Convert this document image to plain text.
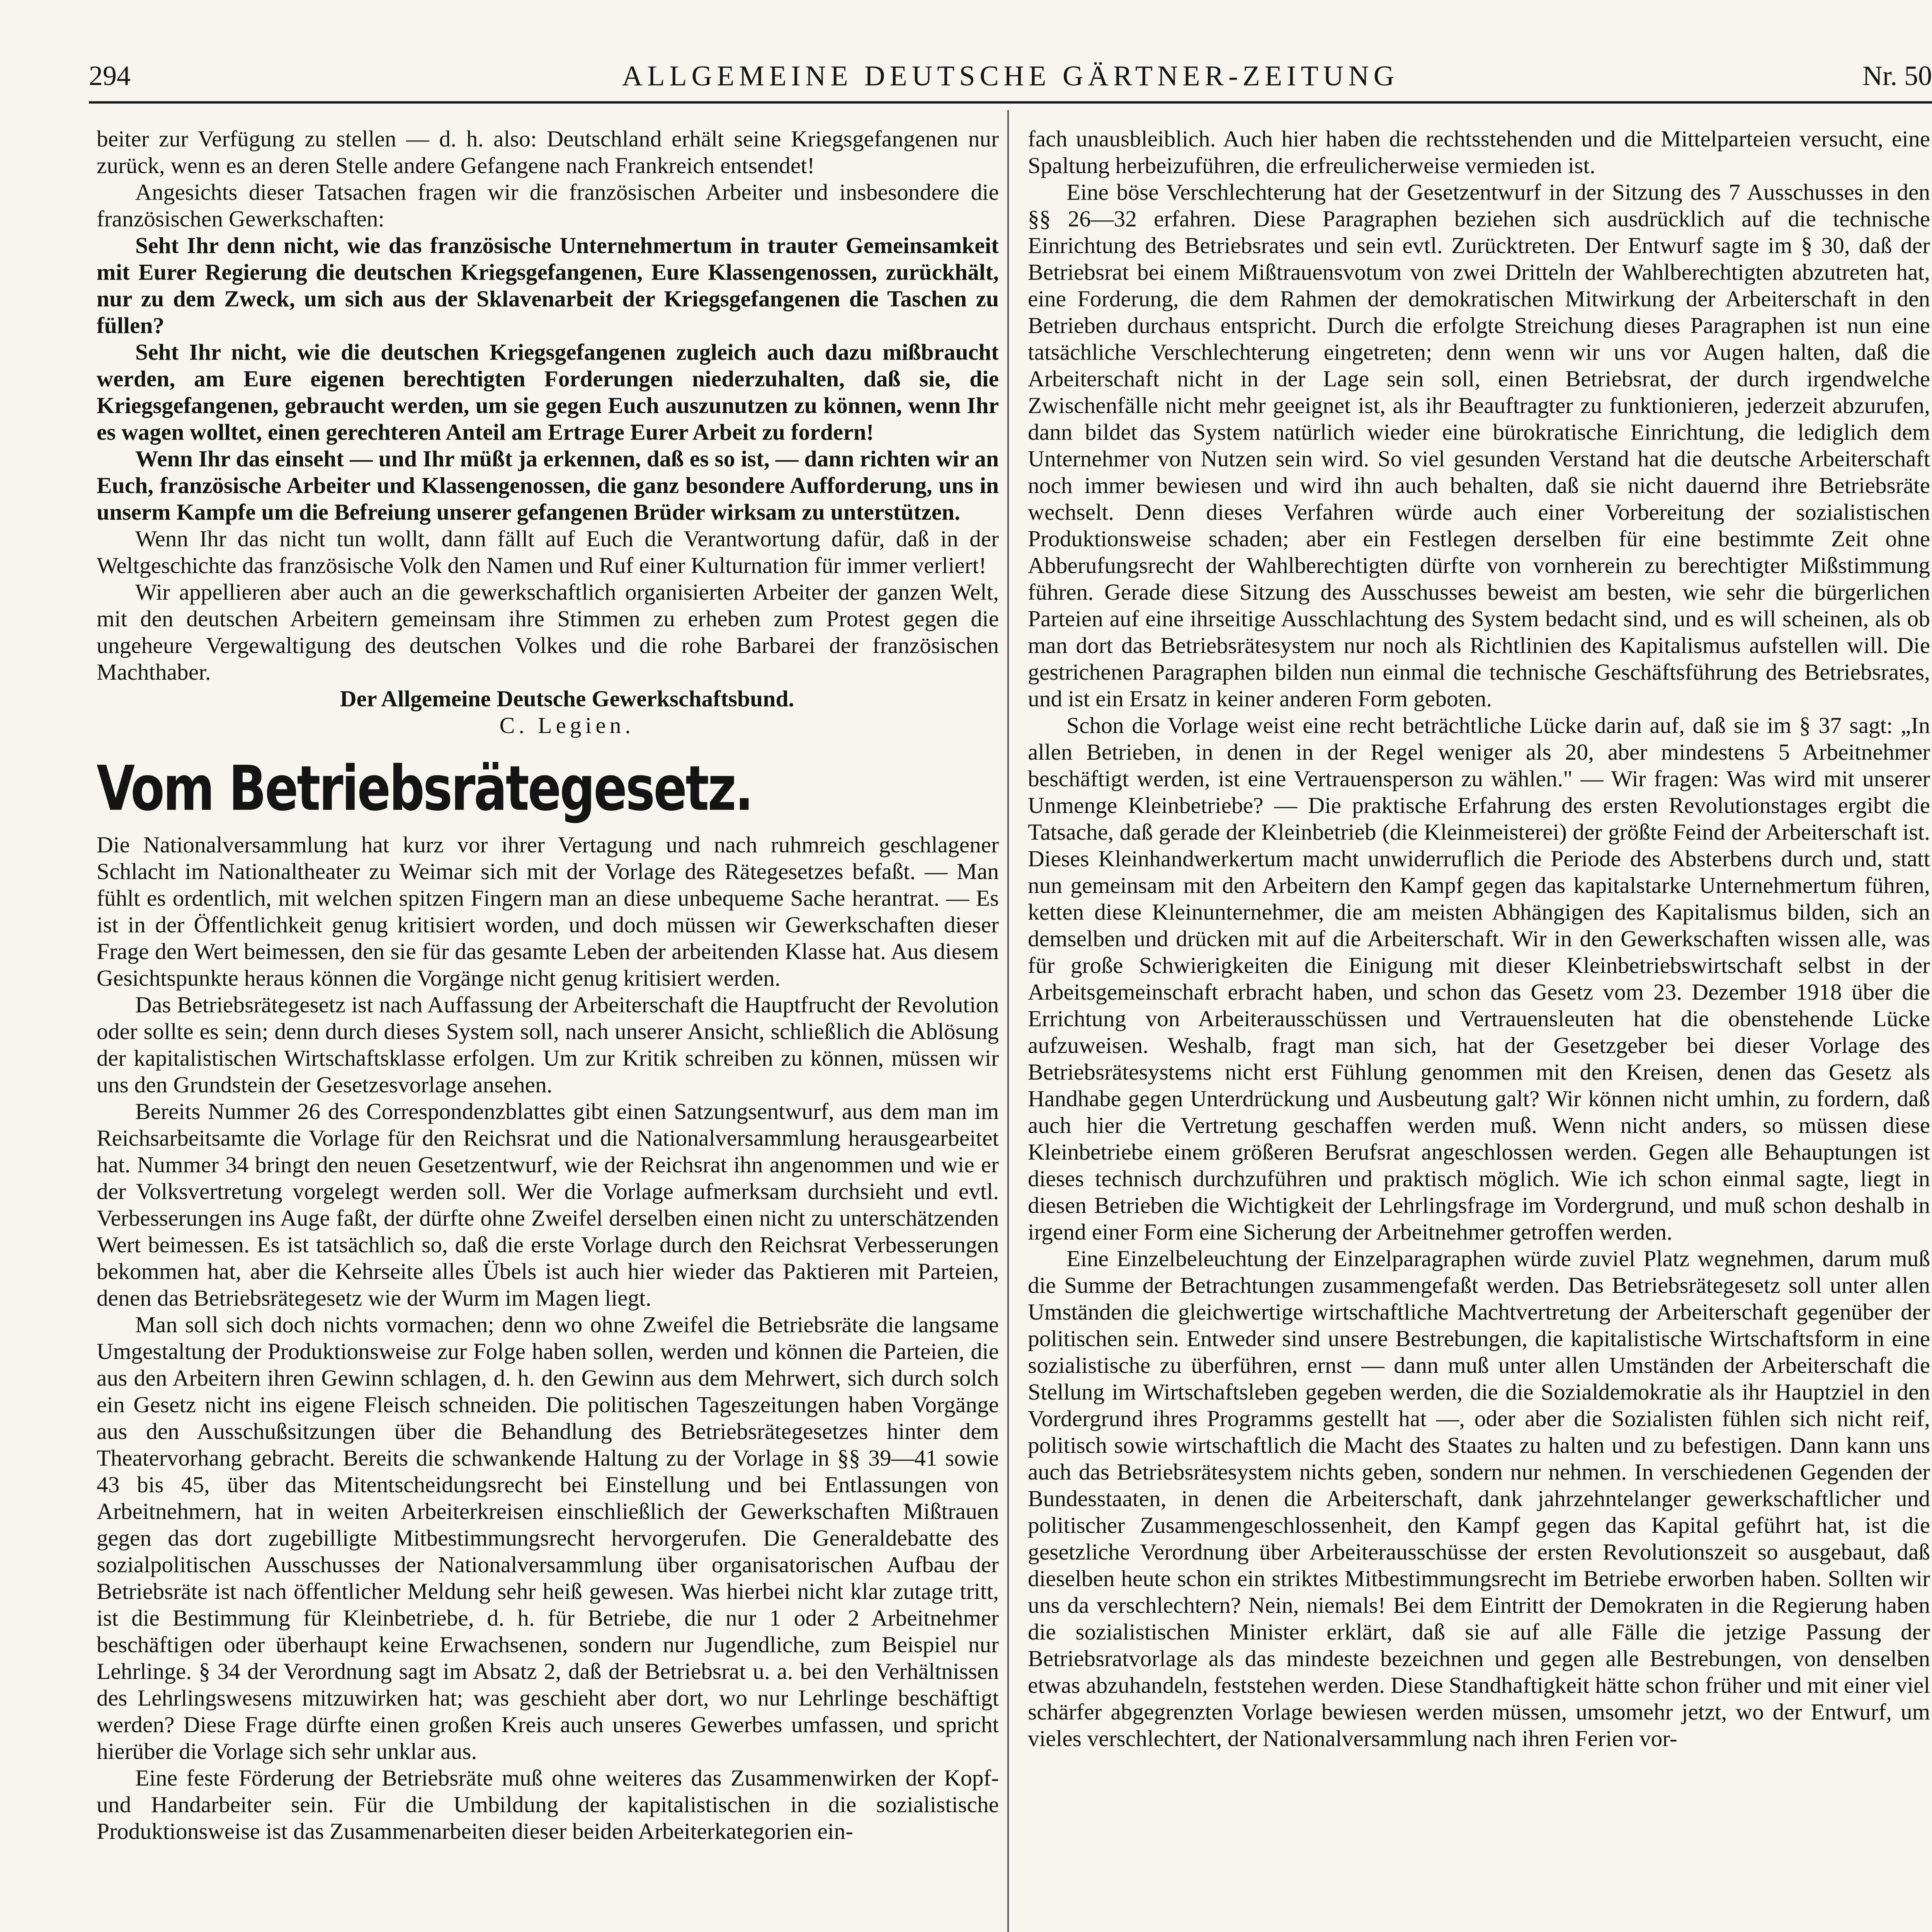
294	ALLGEMEINE DEUTSCHE GÄRTNER-ZEITUNG	Nr. 50

beiter zur Verfügung zu stellen — d. h. also: Deutschland erhält seine Kriegsgefangenen nur zurück, wenn es an deren Stelle andere Gefangene nach Frankreich entsendet!

Angesichts dieser Tatsachen fragen wir die französischen Arbeiter und insbesondere die französischen Gewerkschaften:

Seht Ihr denn nicht, wie das französische Unternehmertum in trauter Gemeinsamkeit mit Eurer Regierung die deutschen Kriegsgefangenen, Eure Klassengenossen, zurückhält, nur zu dem Zweck, um sich aus der Sklavenarbeit der Kriegsgefangenen die Taschen zu füllen?

Seht Ihr nicht, wie die deutschen Kriegsgefangenen zugleich auch dazu mißbraucht werden, am Eure eigenen berechtigten Forderungen niederzuhalten, daß sie, die Kriegsgefangenen, gebraucht werden, um sie gegen Euch auszunutzen zu können, wenn Ihr es wagen wolltet, einen gerechteren Anteil am Ertrage Eurer Arbeit zu fordern!

Wenn Ihr das einseht — und Ihr müßt ja erkennen, daß es so ist, — dann richten wir an Euch, französische Arbeiter und Klassengenossen, die ganz besondere Aufforderung, uns in unserm Kampfe um die Befreiung unserer gefangenen Brüder wirksam zu unterstützen.

Wenn Ihr das nicht tun wollt, dann fällt auf Euch die Verantwortung dafür, daß in der Weltgeschichte das französische Volk den Namen und Ruf einer Kulturnation für immer verliert!

Wir appellieren aber auch an die gewerkschaftlich organisierten Arbeiter der ganzen Welt, mit den deutschen Arbeitern gemeinsam ihre Stimmen zu erheben zum Protest gegen die ungeheure Vergewaltigung des deutschen Volkes und die rohe Barbarei der französischen Machthaber.

Der Allgemeine Deutsche Gewerkschaftsbund.

C. Legien.

Vom Betriebsrätegesetz.

Die Nationalversammlung hat kurz vor ihrer Vertagung und nach ruhmreich geschlagener Schlacht im Nationaltheater zu Weimar sich mit der Vorlage des Rätegesetzes befaßt. — Man fühlt es ordentlich, mit welchen spitzen Fingern man an diese unbequeme Sache herantrat. — Es ist in der Öffentlichkeit genug kritisiert worden, und doch müssen wir Gewerkschaften dieser Frage den Wert beimessen, den sie für das gesamte Leben der arbeitenden Klasse hat. Aus diesem Gesichtspunkte heraus können die Vorgänge nicht genug kritisiert werden.

Das Betriebsrätegesetz ist nach Auffassung der Arbeiterschaft die Hauptfrucht der Revolution oder sollte es sein; denn durch dieses System soll, nach unserer Ansicht, schließlich die Ablösung der kapitalistischen Wirtschaftsklasse erfolgen. Um zur Kritik schreiben zu können, müssen wir uns den Grundstein der Gesetzesvorlage ansehen.

Bereits Nummer 26 des Correspondenzblattes gibt einen Satzungsentwurf, aus dem man im Reichsarbeitsamte die Vorlage für den Reichsrat und die Nationalversammlung herausgearbeitet hat. Nummer 34 bringt den neuen Gesetzentwurf, wie der Reichsrat ihn angenommen und wie er der Volksvertretung vorgelegt werden soll. Wer die Vorlage aufmerksam durchsieht und evtl. Verbesserungen ins Auge faßt, der dürfte ohne Zweifel derselben einen nicht zu unterschätzenden Wert beimessen. Es ist tatsächlich so, daß die erste Vorlage durch den Reichsrat Verbesserungen bekommen hat, aber die Kehrseite alles Übels ist auch hier wieder das Paktieren mit Parteien, denen das Betriebsrätegesetz wie der Wurm im Magen liegt.

Man soll sich doch nichts vormachen; denn wo ohne Zweifel die Betriebsräte die langsame Umgestaltung der Produktionsweise zur Folge haben sollen, werden und können die Parteien, die aus den Arbeitern ihren Gewinn schlagen, d. h. den Gewinn aus dem Mehrwert, sich durch solch ein Gesetz nicht ins eigene Fleisch schneiden. Die politischen Tageszeitungen haben Vorgänge aus den Ausschußsitzungen über die Behandlung des Betriebsrätegesetzes hinter dem Theatervorhang gebracht. Bereits die schwankende Haltung zu der Vorlage in §§ 39—41 sowie 43 bis 45, über das Mitentscheidungsrecht bei Einstellung und bei Entlassungen von Arbeitnehmern, hat in weiten Arbeiterkreisen einschließlich der Gewerkschaften Mißtrauen gegen das dort zugebilligte Mitbestimmungsrecht hervorgerufen. Die Generaldebatte des sozialpolitischen Ausschusses der Nationalversammlung über organisatorischen Aufbau der Betriebsräte ist nach öffentlicher Meldung sehr heiß gewesen. Was hierbei nicht klar zutage tritt, ist die Bestimmung für Kleinbetriebe, d. h. für Betriebe, die nur 1 oder 2 Arbeitnehmer beschäftigen oder überhaupt keine Erwachsenen, sondern nur Jugendliche, zum Beispiel nur Lehrlinge. § 34 der Verordnung sagt im Absatz 2, daß der Betriebsrat u. a. bei den Verhältnissen des Lehrlingswesens mitzuwirken hat; was geschieht aber dort, wo nur Lehrlinge beschäftigt werden? Diese Frage dürfte einen großen Kreis auch unseres Gewerbes umfassen, und spricht hierüber die Vorlage sich sehr unklar aus.

Eine feste Förderung der Betriebsräte muß ohne weiteres das Zusammenwirken der Kopf- und Handarbeiter sein. Für die Umbildung der kapitalistischen in die sozialistische Produktionsweise ist das Zusammenarbeiten dieser beiden Arbeiterkategorien ein-

fach unausbleiblich. Auch hier haben die rechtsstehenden und die Mittelparteien versucht, eine Spaltung herbeizuführen, die erfreulicherweise vermieden ist.

Eine böse Verschlechterung hat der Gesetzentwurf in der Sitzung des 7 Ausschusses in den §§ 26—32 erfahren. Diese Paragraphen beziehen sich ausdrücklich auf die technische Einrichtung des Betriebsrates und sein evtl. Zurücktreten. Der Entwurf sagte im § 30, daß der Betriebsrat bei einem Mißtrauensvotum von zwei Dritteln der Wahlberechtigten abzutreten hat, eine Forderung, die dem Rahmen der demokratischen Mitwirkung der Arbeiterschaft in den Betrieben durchaus entspricht. Durch die erfolgte Streichung dieses Paragraphen ist nun eine tatsächliche Verschlechterung eingetreten; denn wenn wir uns vor Augen halten, daß die Arbeiterschaft nicht in der Lage sein soll, einen Betriebsrat, der durch irgendwelche Zwischenfälle nicht mehr geeignet ist, als ihr Beauftragter zu funktionieren, jederzeit abzurufen, dann bildet das System natürlich wieder eine bürokratische Einrichtung, die lediglich dem Unternehmer von Nutzen sein wird. So viel gesunden Verstand hat die deutsche Arbeiterschaft noch immer bewiesen und wird ihn auch behalten, daß sie nicht dauernd ihre Betriebsräte wechselt. Denn dieses Verfahren würde auch einer Vorbereitung der sozialistischen Produktionsweise schaden; aber ein Festlegen derselben für eine bestimmte Zeit ohne Abberufungsrecht der Wahlberechtigten dürfte von vornherein zu berechtigter Mißstimmung führen. Gerade diese Sitzung des Ausschusses beweist am besten, wie sehr die bürgerlichen Parteien auf eine ihrseitige Ausschlachtung des System bedacht sind, und es will scheinen, als ob man dort das Betriebsrätesystem nur noch als Richtlinien des Kapitalismus aufstellen will. Die gestrichenen Paragraphen bilden nun einmal die technische Geschäftsführung des Betriebsrates, und ist ein Ersatz in keiner anderen Form geboten.

Schon die Vorlage weist eine recht beträchtliche Lücke darin auf, daß sie im § 37 sagt: „In allen Betrieben, in denen in der Regel weniger als 20, aber mindestens 5 Arbeitnehmer beschäftigt werden, ist eine Vertrauensperson zu wählen." — Wir fragen: Was wird mit unserer Unmenge Kleinbetriebe? — Die praktische Erfahrung des ersten Revolutionstages ergibt die Tatsache, daß gerade der Kleinbetrieb (die Kleinmeisterei) der größte Feind der Arbeiterschaft ist. Dieses Kleinhandwerkertum macht unwiderruflich die Periode des Absterbens durch und, statt nun gemeinsam mit den Arbeitern den Kampf gegen das kapitalstarke Unternehmertum führen, ketten diese Kleinunternehmer, die am meisten Abhängigen des Kapitalismus bilden, sich an demselben und drücken mit auf die Arbeiterschaft. Wir in den Gewerkschaften wissen alle, was für große Schwierigkeiten die Einigung mit dieser Kleinbetriebswirtschaft selbst in der Arbeitsgemeinschaft erbracht haben, und schon das Gesetz vom 23. Dezember 1918 über die Errichtung von Arbeiterausschüssen und Vertrauensleuten hat die obenstehende Lücke aufzuweisen. Weshalb, fragt man sich, hat der Gesetzgeber bei dieser Vorlage des Betriebsrätesystems nicht erst Fühlung genommen mit den Kreisen, denen das Gesetz als Handhabe gegen Unterdrückung und Ausbeutung galt? Wir können nicht umhin, zu fordern, daß auch hier die Vertretung geschaffen werden muß. Wenn nicht anders, so müssen diese Kleinbetriebe einem größeren Berufsrat angeschlossen werden. Gegen alle Behauptungen ist dieses technisch durchzuführen und praktisch möglich. Wie ich schon einmal sagte, liegt in diesen Betrieben die Wichtigkeit der Lehrlingsfrage im Vordergrund, und muß schon deshalb in irgend einer Form eine Sicherung der Arbeitnehmer getroffen werden.

Eine Einzelbeleuchtung der Einzelparagraphen würde zuviel Platz wegnehmen, darum muß die Summe der Betrachtungen zusammengefaßt werden. Das Betriebsrätegesetz soll unter allen Umständen die gleichwertige wirtschaftliche Machtvertretung der Arbeiterschaft gegenüber der politischen sein. Entweder sind unsere Bestrebungen, die kapitalistische Wirtschaftsform in eine sozialistische zu überführen, ernst — dann muß unter allen Umständen der Arbeiterschaft die Stellung im Wirtschaftsleben gegeben werden, die die Sozialdemokratie als ihr Hauptziel in den Vordergrund ihres Programms gestellt hat —, oder aber die Sozialisten fühlen sich nicht reif, politisch sowie wirtschaftlich die Macht des Staates zu halten und zu befestigen. Dann kann uns auch das Betriebsrätesystem nichts geben, sondern nur nehmen. In verschiedenen Gegenden der Bundesstaaten, in denen die Arbeiterschaft, dank jahrzehntelanger gewerkschaftlicher und politischer Zusammengeschlossenheit, den Kampf gegen das Kapital geführt hat, ist die gesetzliche Verordnung über Arbeiterausschüsse der ersten Revolutionszeit so ausgebaut, daß dieselben heute schon ein striktes Mitbestimmungsrecht im Betriebe erworben haben. Sollten wir uns da verschlechtern? Nein, niemals! Bei dem Eintritt der Demokraten in die Regierung haben die sozialistischen Minister erklärt, daß sie auf alle Fälle die jetzige Passung der Betriebsratvorlage als das mindeste bezeichnen und gegen alle Bestrebungen, von denselben etwas abzuhandeln, feststehen werden. Diese Standhaftigkeit hätte schon früher und mit einer viel schärfer abgegrenzten Vorlage bewiesen werden müssen, umsomehr jetzt, wo der Entwurf, um vieles verschlechtert, der Nationalversammlung nach ihren Ferien vor-
